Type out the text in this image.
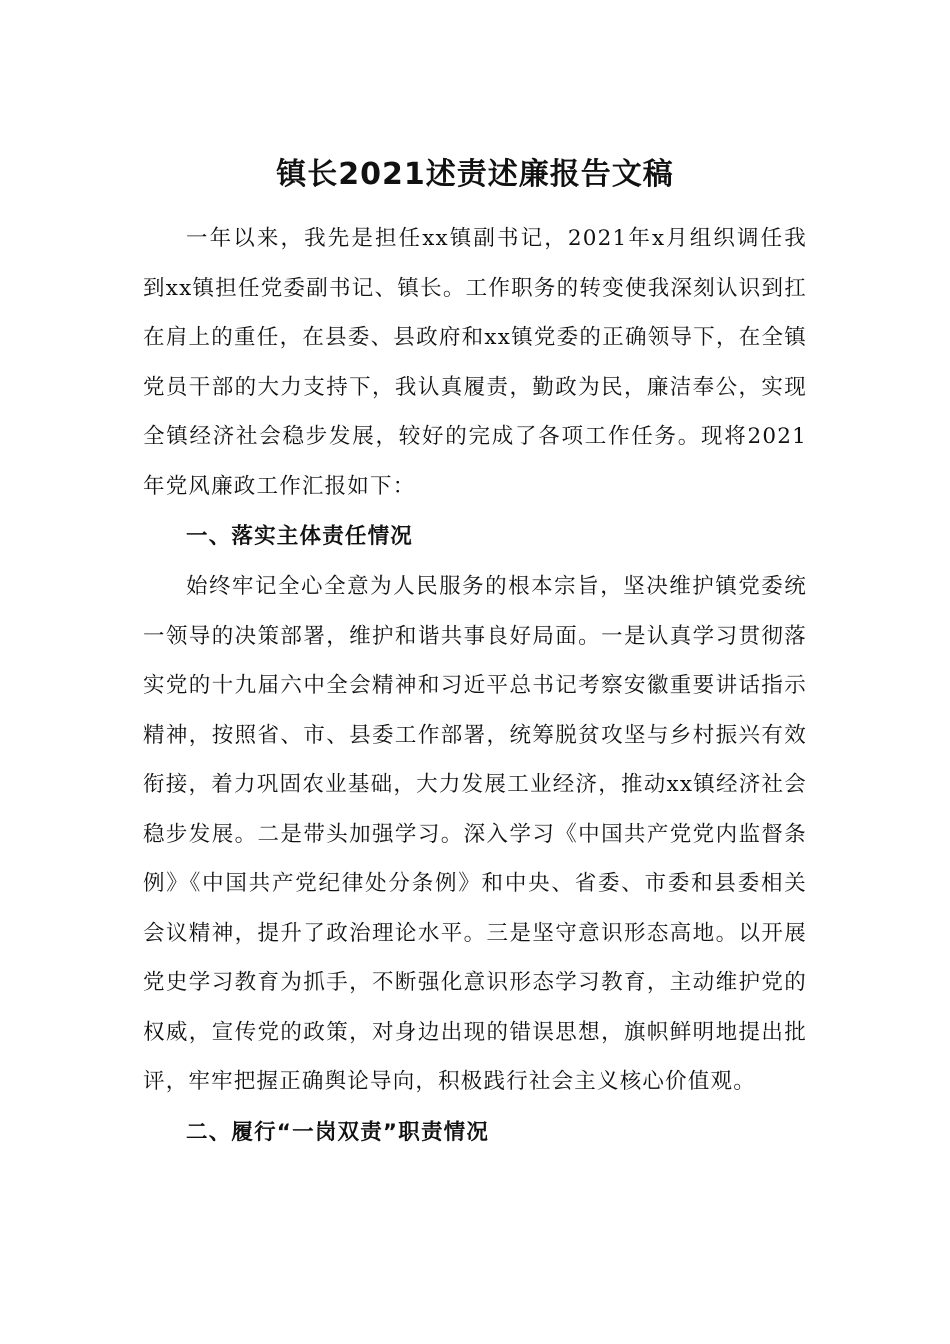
镇长2021述责述廉报告文稿

一年以来，我先是担任xx镇副书记，2021年x月组织调任我到xx镇担任党委副书记、镇长。工作职务的转变使我深刻认识到扛在肩上的重任，在县委、县政府和xx镇党委的正确领导下，在全镇党员干部的大力支持下，我认真履责，勤政为民，廉洁奉公，实现全镇经济社会稳步发展，较好的完成了各项工作任务。现将2021年党风廉政工作汇报如下：

一、落实主体责任情况

始终牢记全心全意为人民服务的根本宗旨，坚决维护镇党委统一领导的决策部署，维护和谐共事良好局面。一是认真学习贯彻落实党的十九届六中全会精神和习近平总书记考察安徽重要讲话指示精神，按照省、市、县委工作部署，统筹脱贫攻坚与乡村振兴有效衔接，着力巩固农业基础，大力发展工业经济，推动xx镇经济社会稳步发展。二是带头加强学习。深入学习《中国共产党党内监督条例》《中国共产党纪律处分条例》和中央、省委、市委和县委相关会议精神，提升了政治理论水平。三是坚守意识形态高地。以开展党史学习教育为抓手，不断强化意识形态学习教育，主动维护党的权威，宣传党的政策，对身边出现的错误思想，旗帜鲜明地提出批评，牢牢把握正确舆论导向，积极践行社会主义核心价值观。

二、履行“一岗双责”职责情况
